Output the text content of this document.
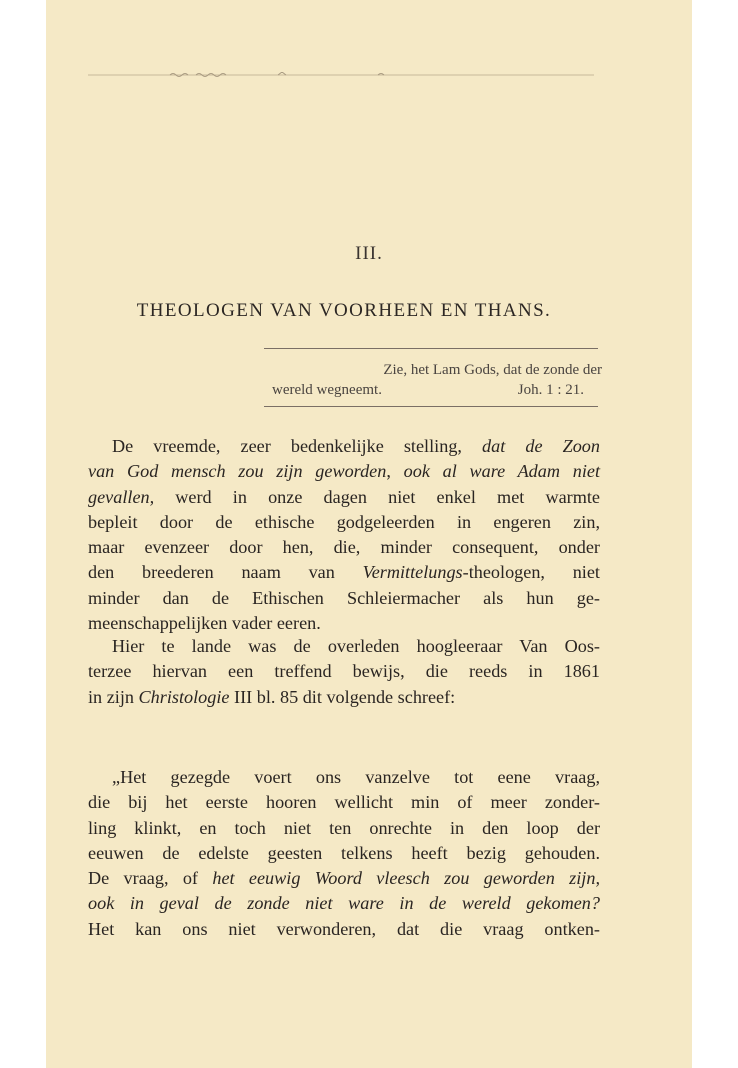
III.
THEOLOGEN VAN VOORHEEN EN THANS.
Zie, het Lam Gods, dat de zonde der
wereld wegneemt.	Joh. 1 : 21.
De vreemde, zeer bedenkelijke stelling, dat de Zoon
van God mensch zou zijn geworden, ook al ware Adam niet
gevallen, werd in onze dagen niet enkel met warmte
bepleit door de ethische godgeleerden in engeren zin,
maar evenzeer door hen, die, minder consequent, onder
den breederen naam van Vermittelungs-theologen, niet
minder dan de Ethischen Schleiermacher als hun ge-
meenschappelijken vader eeren.
Hier te lande was de overleden hoogleeraar Van Oos-
terzee hiervan een treffend bewijs, die reeds in 1861
in zijn Christologie III bl. 85 dit volgende schreef:
„Het gezegde voert ons vanzelve tot eene vraag,
die bij het eerste hooren wellicht min of meer zonder-
ling klinkt, en toch niet ten onrechte in den loop der
eeuwen de edelste geesten telkens heeft bezig gehouden.
De vraag, of het eeuwig Woord vleesch zou geworden zijn,
ook in geval de zonde niet ware in de wereld gekomen?
Het kan ons niet verwonderen, dat die vraag ontken-
